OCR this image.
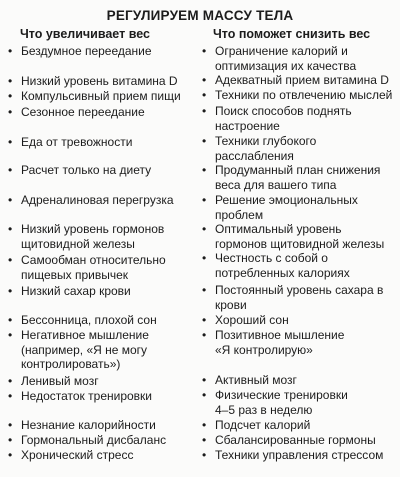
РЕГУЛИРУЕМ МАССУ ТЕЛА
Что увеличивает вес	Что поможет снизить вес
• Бездумное переедание
• Низкий уровень витамина D
• Компульсивный прием пищи
• Сезонное переедание
• Еда от тревожности
• Расчет только на диету
• Адреналиновая перегрузка
• Низкий уровень гормонов
щитовидной железы
• Самообман относительно
пищевых привычек
• Низкий сахар крови
• Бессонница, плохой сон
• Негативное мышление
(например, «Я не могу
контролировать»)
• Ленивый мозг
• Недостаток тренировки
• Незнание калорийности
• Гормональный дисбаланс
• Хронический стресс
• Ограничение калорий и
оптимизация их качества
• Адекватный прием витамина D
• Техники по отвлечению мыслей
• Поиск способов поднять
настроение
• Техники глубокого
расслабления
• Продуманный план снижения
веса для вашего типа
• Решение эмоциональных
проблем
• Оптимальный уровень
гормонов щитовидной железы
• Честность с собой о
потребленных калориях
• Постоянный уровень сахара в
крови
• Хороший сон
• Позитивное мышление
«Я контролирую»
• Активный мозг
• Физические тренировки
4–5 раз в неделю
• Подсчет калорий
• Сбалансированные гормоны
• Техники управления стрессом
